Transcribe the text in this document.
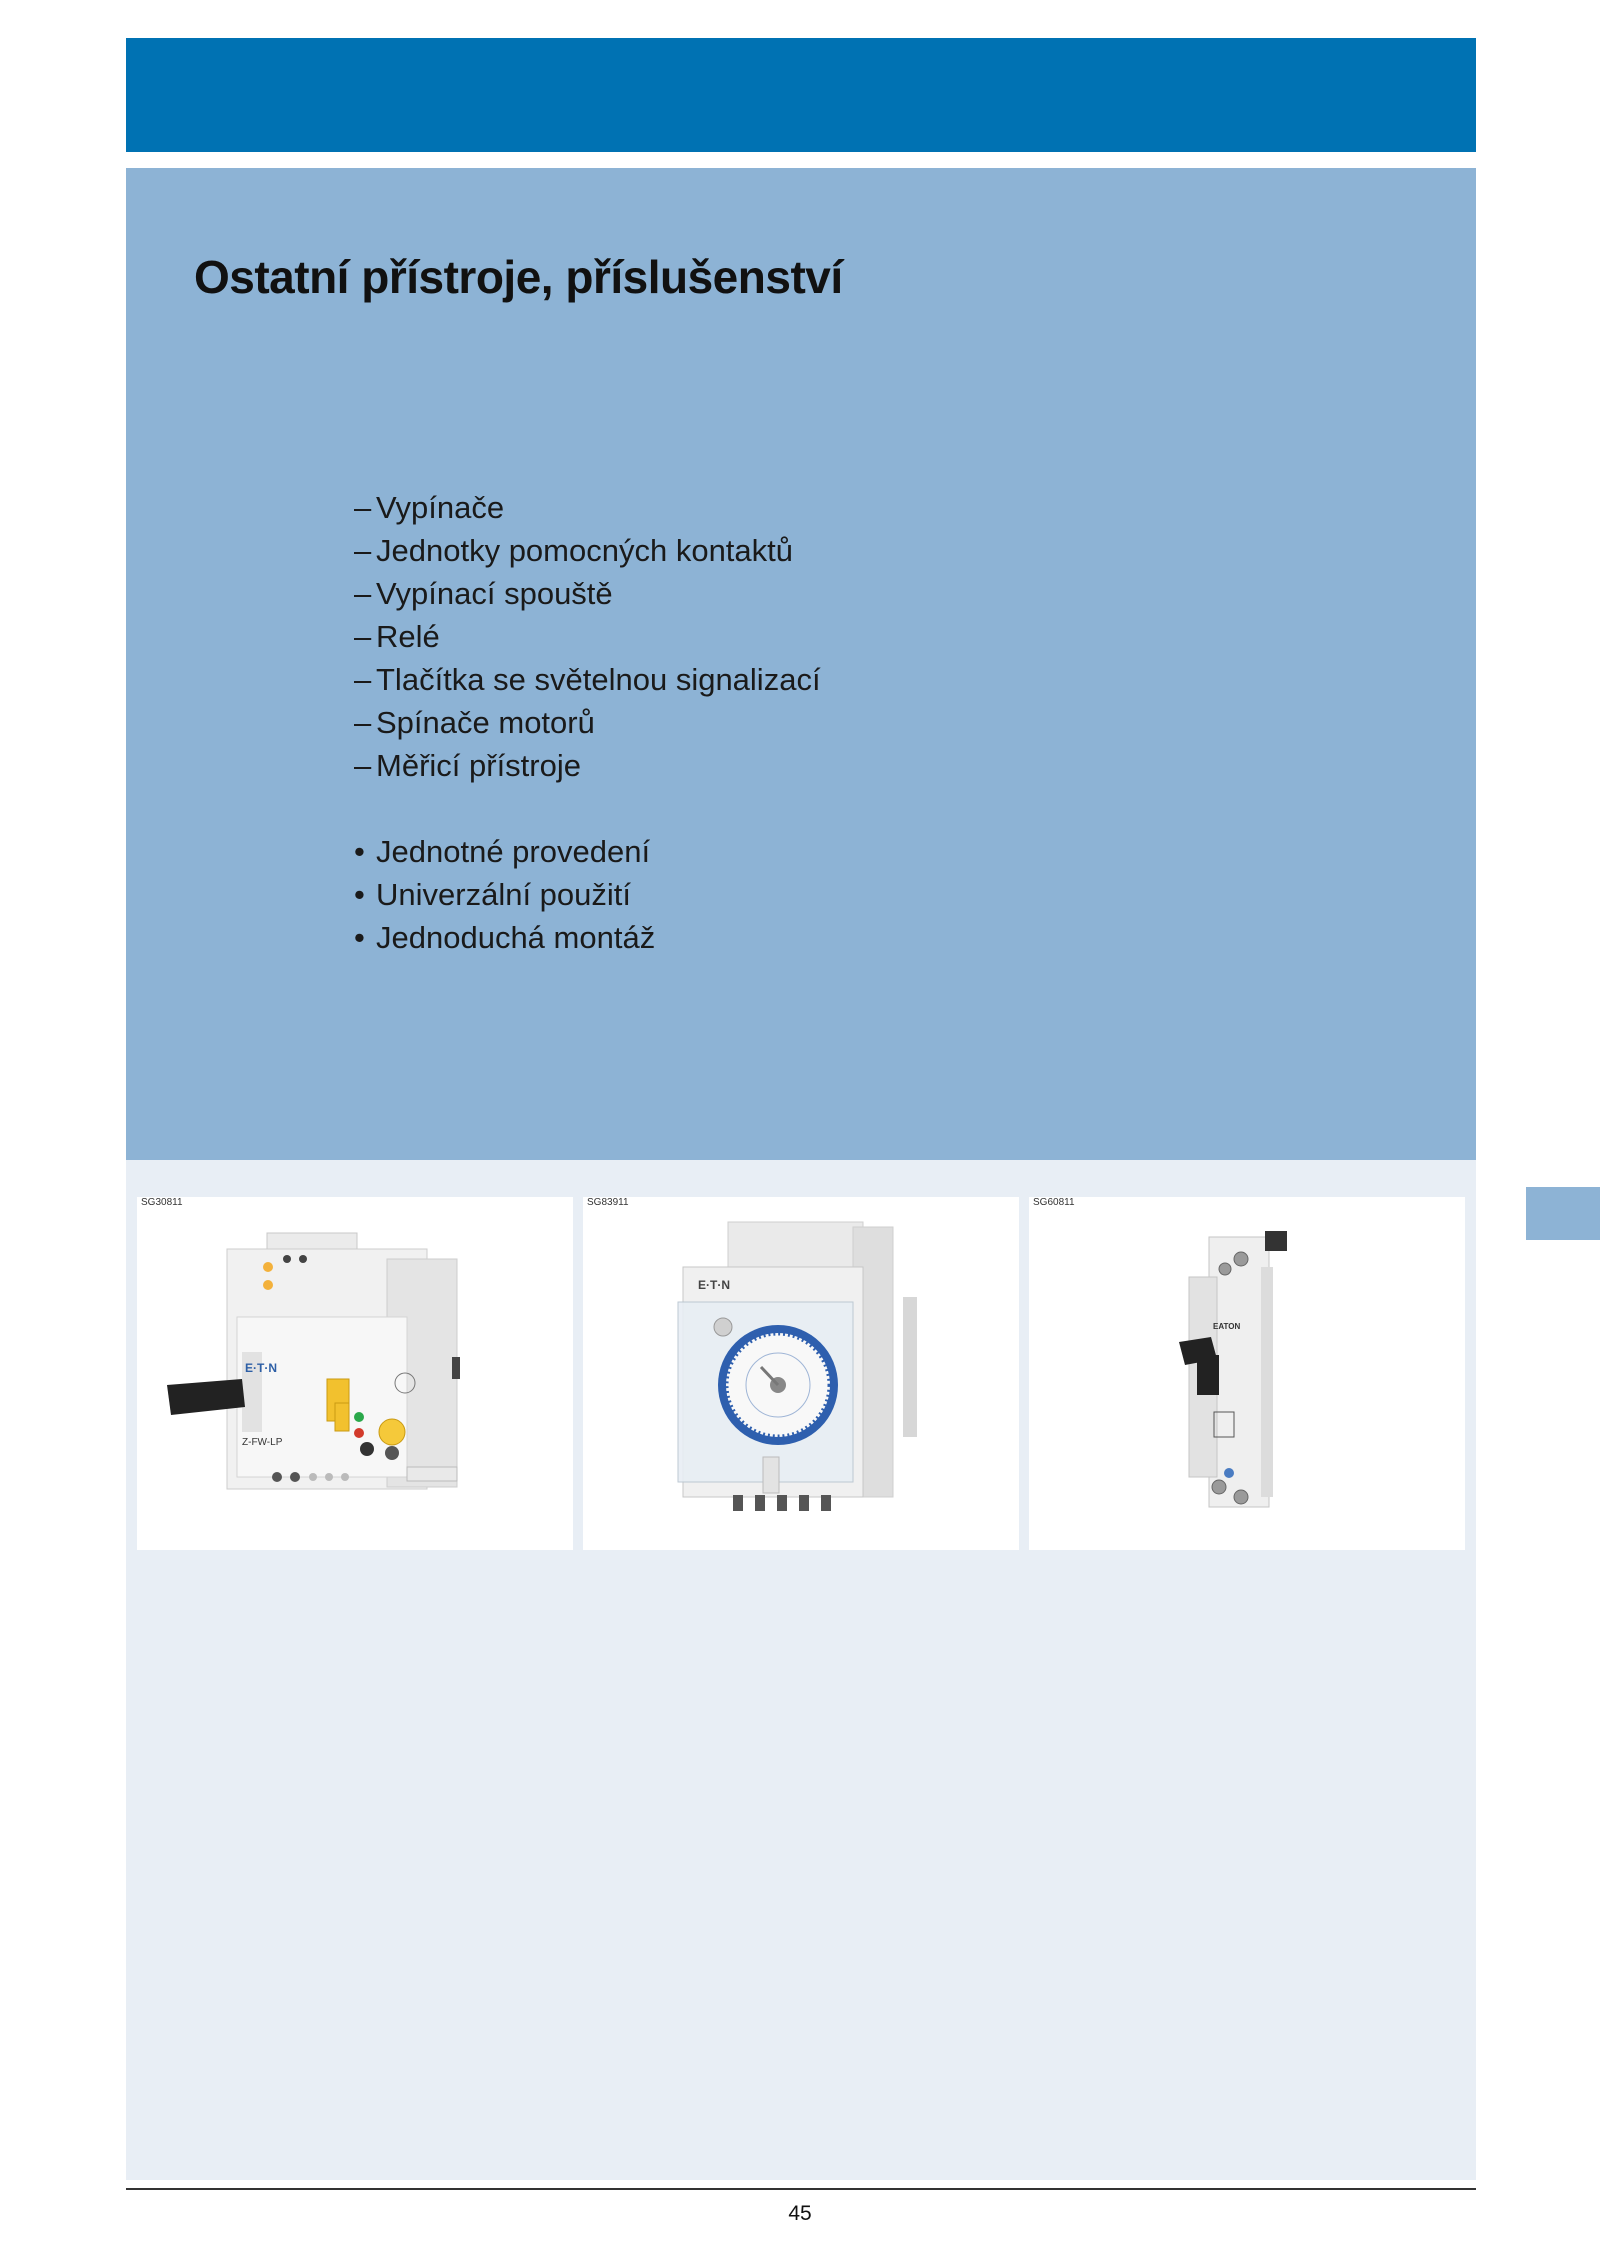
Ostatní přístroje, příslušenství
– Vypínače
– Jednotky pomocných kontaktů
– Vypínací spouště
– Relé
– Tlačítka se světelnou signalizací
– Spínače motorů
– Měřicí přístroje
• Jednotné provedení
• Univerzální použití
• Jednoduchá montáž
E·T·N
Z-FW-LP
SG30811
E·T·N
SG83911
EATON
SG60811
45
